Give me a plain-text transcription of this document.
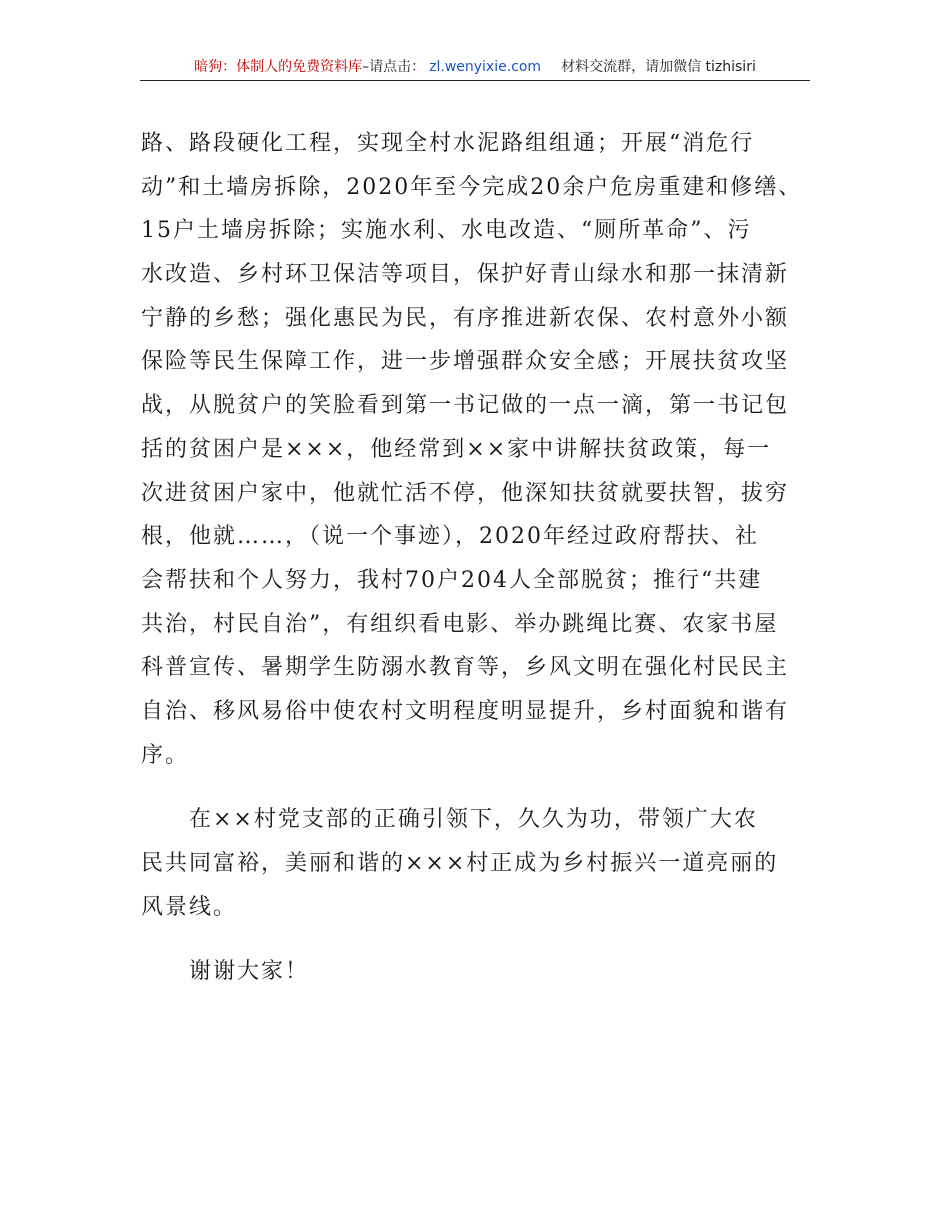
暗狗：体制人的免费资料库 –请点击： zl.wenyixie.com 材料交流群，请加微信 tizhisiri
路、路段硬化工程，实现全村水泥路组组通；开展“消危行
动”和土墙房拆除，2020年至今完成20余户危房重建和修缮、
15户土墙房拆除；实施水利、水电改造、“厕所革命”、污
水改造、乡村环卫保洁等项目，保护好青山绿水和那一抹清新
宁静的乡愁；强化惠民为民，有序推进新农保、农村意外小额
保险等民生保障工作，进一步增强群众安全感；开展扶贫攻坚
战，从脱贫户的笑脸看到第一书记做的一点一滴，第一书记包
括的贫困户是×××，他经常到××家中讲解扶贫政策，每一
次进贫困户家中，他就忙活不停，他深知扶贫就要扶智，拔穷
根，他就……，（说一个事迹），2020年经过政府帮扶、社
会帮扶和个人努力，我村70户204人全部脱贫；推行“共建
共治，村民自治”，有组织看电影、举办跳绳比赛、农家书屋
科普宣传、暑期学生防溺水教育等，乡风文明在强化村民民主
自治、移风易俗中使农村文明程度明显提升，乡村面貌和谐有
序。
在××村党支部的正确引领下，久久为功，带领广大农
民共同富裕，美丽和谐的×××村正成为乡村振兴一道亮丽的
风景线。
谢谢大家！
